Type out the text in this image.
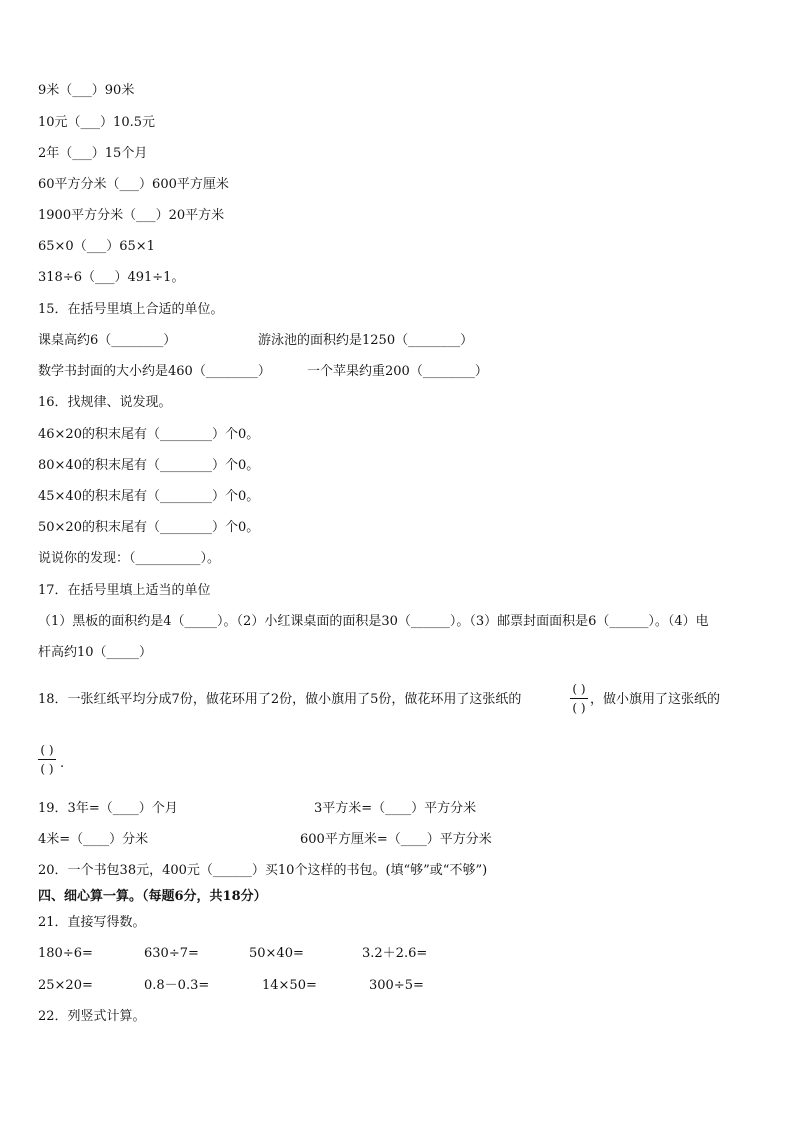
9米（___）90米
10元（___）10.5元
2年（___）15个月
60平方分米（___）600平方厘米
1900平方分米（___）20平方米
65×0（___）65×1
318÷6（___）491÷1。
15．在括号里填上合适的单位。
课桌高约6（________）	游泳池的面积约是1250（________）
数学书封面的大小约是460（________）	一个苹果约重200（________）
16．找规律、说发现。
46×20的积末尾有（________）个0。
80×40的积末尾有（________）个0。
45×40的积末尾有（________）个0。
50×20的积末尾有（________）个0。
说说你的发现：（__________）。
17．在括号里填上适当的单位
（1）黑板的面积约是4（_____）。（2）小红课桌面的面积是30（______）。（3）邮票封面面积是6（______）。（4）电
杆高约10（_____）
18．一张红纸平均分成7份，做花环用了2份，做小旗用了5份，做花环用了这张纸的
( )
( )
，做小旗用了这张纸的
( )
( ) .
19．3年=（____）个月	3平方米=（____）平方分米
4米=（____）分米	600平方厘米=（____）平方分米
20．一个书包38元，400元（______）买10个这样的书包。(填“够”或“不够”)
四、细心算一算。（每题6分，共18分）
21．直接写得数。
180÷6=	630÷7=	50×40=	3.2＋2.6=
25×20=	0.8－0.3=	14×50=	300÷5=
22．列竖式计算。
